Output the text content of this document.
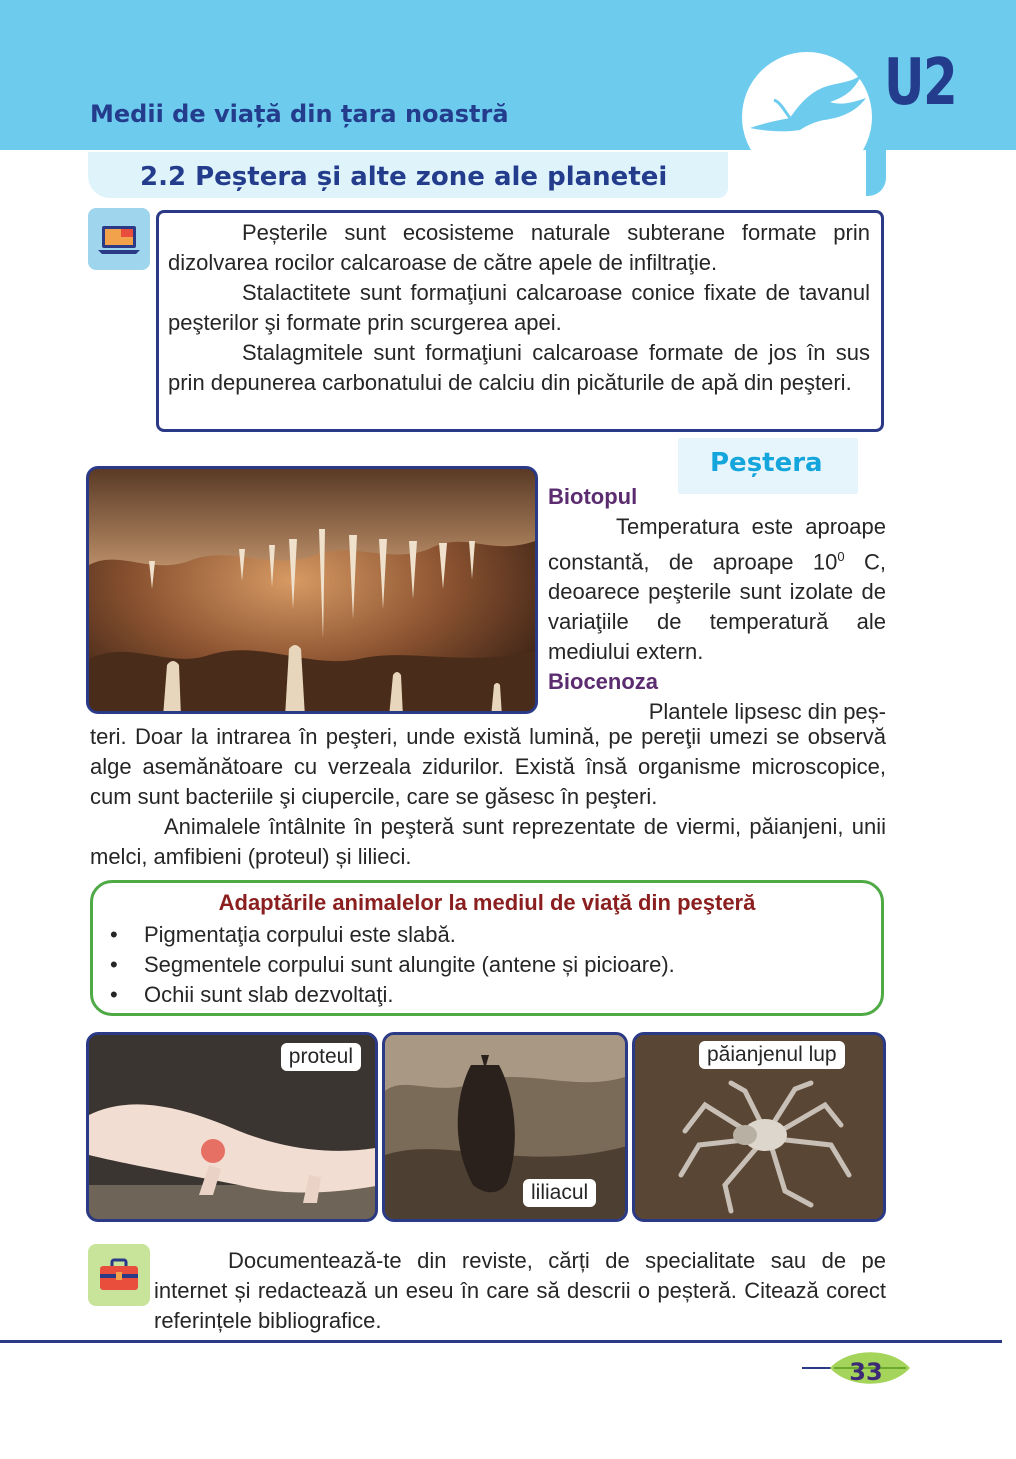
U2
Medii de viață din țara noastră
2.2 Peștera și alte zone ale planetei

Peșterile sunt ecosisteme naturale subterane formate prin dizolvarea rocilor calcaroase de către apele de infiltraţie.

Stalactitete sunt formaţiuni calcaroase conice fixate de tavanul peşterilor şi formate prin scurgerea apei.

Stalagmitele sunt formaţiuni calcaroase formate de jos în sus prin depunerea carbonatului de calciu din picăturile de apă din peşteri.

Peștera
Biotopul
Temperatura este aproape constantă, de aproape $10^0$ C, deoarece peşterile sunt izolate de variaţiile de temperatură ale mediului extern.
Biocenoza
Plantele lipsesc din peș-

teri. Doar la intrarea în peşteri, unde există lumină, pe pereţii umezi se observă alge asemănătoare cu verzeala zidurilor. Există însă organisme microscopice, cum sunt bacteriile şi ciupercile, care se găsesc în peşteri.

Animalele întâlnite în peşteră sunt reprezentate de viermi, păianjeni, unii melci, amfibieni (proteul) și lilieci.

Adaptările animalelor la mediul de viaţă din peşteră
• Pigmentaţia corpului este slabă.
• Segmentele corpului sunt alungite (antene și picioare).
• Ochii sunt slab dezvoltaţi.
proteul
liliacul
păianjenul lup

Documentează-te din reviste, cărți de specialitate sau de pe internet și redactează un eseu în care să descrii o peșteră. Citează corect referințele bibliografice.

33
